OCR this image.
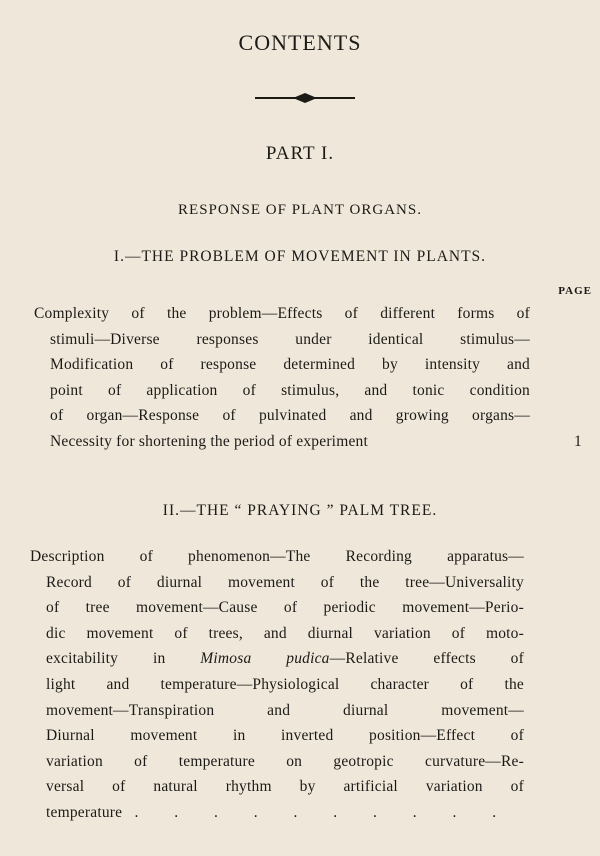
CONTENTS
PART I.
RESPONSE OF PLANT ORGANS.
I.—THE PROBLEM OF MOVEMENT IN PLANTS.
PAGE
Complexity of the problem—Effects of different forms of
stimuli—Diverse responses under identical stimulus—
Modification of response determined by intensity and
point of application of stimulus, and tonic condition
of organ—Response of pulvinated and growing organs—
Necessity for shortening the period of experiment	1
II.—THE “ PRAYING ” PALM TREE.
Description of phenomenon—The Recording apparatus—
Record of diurnal movement of the tree—Universality
of tree movement—Cause of periodic movement—Perio-
dic movement of trees, and diurnal variation of moto-
excitability in Mimosa pudica—Relative effects of
light and temperature—Physiological character of the
movement—Transpiration and diurnal movement—
Diurnal movement in inverted position—Effect of
variation of temperature on geotropic curvature—Re-
versal of natural rhythm by artificial variation of
temperature . . . . . . . . . .
